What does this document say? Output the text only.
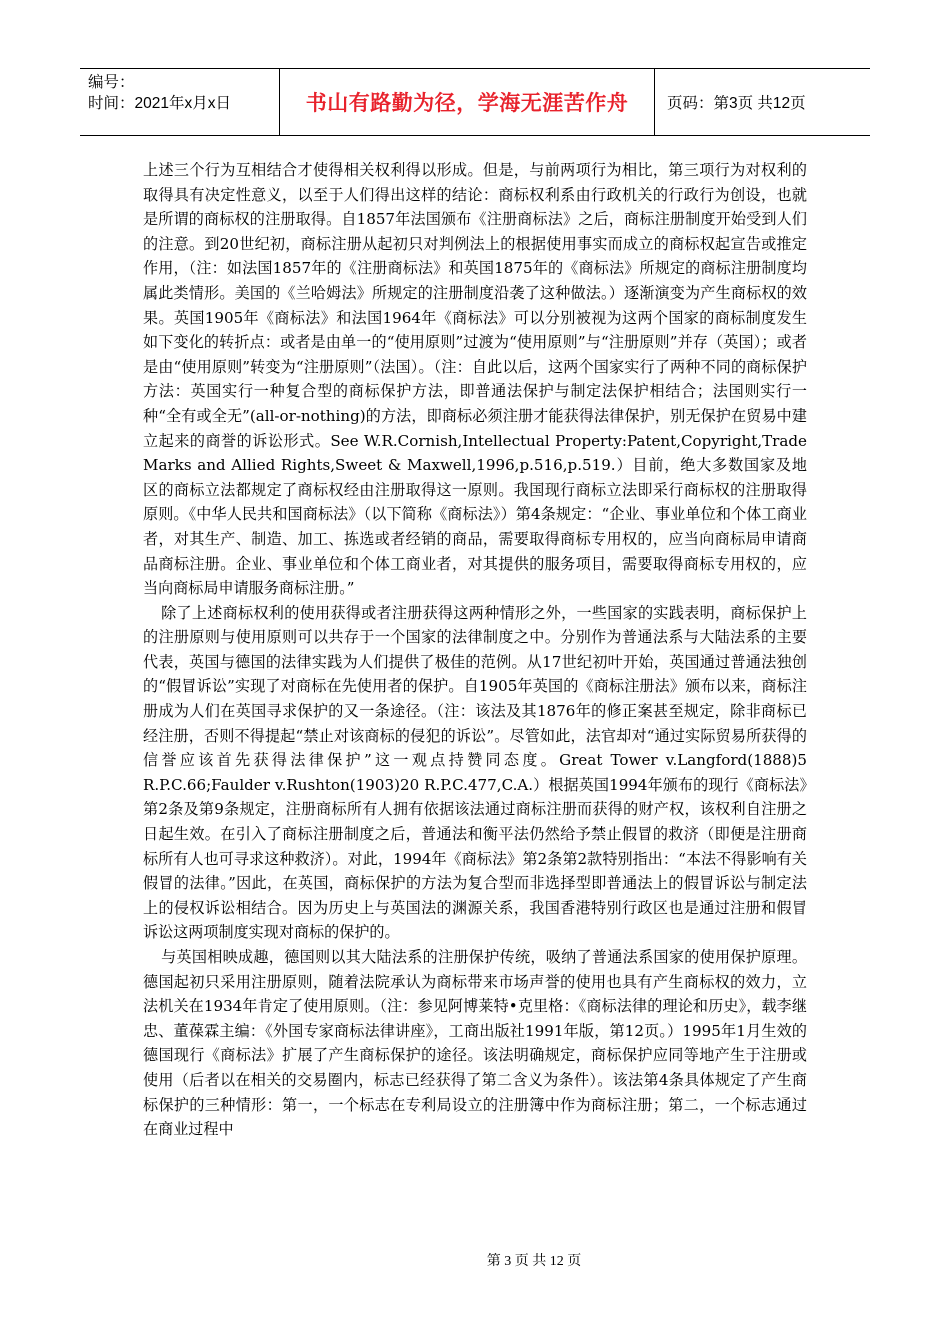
编号：
时间：2021年x月x日	书山有路勤为径，学海无涯苦作舟	页码：第3页 共12页

上述三个行为互相结合才使得相关权利得以形成。但是，与前两项行为相比，第三项行为对权利的取得具有决定性意义，以至于人们得出这样的结论：商标权利系由行政机关的行政行为创设，也就是所谓的商标权的注册取得。自1857年法国颁布《注册商标法》之后，商标注册制度开始受到人们的注意。到20世纪初，商标注册从起初只对判例法上的根据使用事实而成立的商标权起宣告或推定作用，（注：如法国1857年的《注册商标法》和英国1875年的《商标法》所规定的商标注册制度均属此类情形。美国的《兰哈姆法》所规定的注册制度沿袭了这种做法。）逐渐演变为产生商标权的效果。英国1905年《商标法》和法国1964年《商标法》可以分别被视为这两个国家的商标制度发生如下变化的转折点：或者是由单一的“使用原则”过渡为“使用原则”与“注册原则”并存（英国）；或者是由“使用原则”转变为“注册原则”（法国）。（注：自此以后，这两个国家实行了两种不同的商标保护方法：英国实行一种复合型的商标保护方法，即普通法保护与制定法保护相结合；法国则实行一种“全有或全无”(all-or-nothing)的方法，即商标必须注册才能获得法律保护，别无保护在贸易中建立起来的商誉的诉讼形式。See W.R.Cornish,Intellectual Property:Patent,Copyright,Trade Marks and Allied Rights,Sweet & Maxwell,1996,p.516,p.519.）目前，绝大多数国家及地区的商标立法都规定了商标权经由注册取得这一原则。我国现行商标立法即采行商标权的注册取得原则。《中华人民共和国商标法》（以下简称《商标法》）第4条规定：“企业、事业单位和个体工商业者，对其生产、制造、加工、拣选或者经销的商品，需要取得商标专用权的，应当向商标局申请商品商标注册。企业、事业单位和个体工商业者，对其提供的服务项目，需要取得商标专用权的，应当向商标局申请服务商标注册。”

除了上述商标权利的使用获得或者注册获得这两种情形之外，一些国家的实践表明，商标保护上的注册原则与使用原则可以共存于一个国家的法律制度之中。分别作为普通法系与大陆法系的主要代表，英国与德国的法律实践为人们提供了极佳的范例。从17世纪初叶开始，英国通过普通法独创的“假冒诉讼”实现了对商标在先使用者的保护。自1905年英国的《商标注册法》颁布以来，商标注册成为人们在英国寻求保护的又一条途径。（注：该法及其1876年的修正案甚至规定，除非商标已经注册，否则不得提起“禁止对该商标的侵犯的诉讼”。尽管如此，法官却对“通过实际贸易所获得的信誉应该首先获得法律保护”这一观点持赞同态度。Great Tower v.Langford(1888)5 R.P.C.66;Faulder v.Rushton(1903)20 R.P.C.477,C.A.）根据英国1994年颁布的现行《商标法》第2条及第9条规定，注册商标所有人拥有依据该法通过商标注册而获得的财产权，该权利自注册之日起生效。在引入了商标注册制度之后，普通法和衡平法仍然给予禁止假冒的救济（即便是注册商标所有人也可寻求这种救济）。对此，1994年《商标法》第2条第2款特别指出：“本法不得影响有关假冒的法律。”因此，在英国，商标保护的方法为复合型而非选择型即普通法上的假冒诉讼与制定法上的侵权诉讼相结合。因为历史上与英国法的渊源关系，我国香港特别行政区也是通过注册和假冒诉讼这两项制度实现对商标的保护的。

与英国相映成趣，德国则以其大陆法系的注册保护传统，吸纳了普通法系国家的使用保护原理。德国起初只采用注册原则，随着法院承认为商标带来市场声誉的使用也具有产生商标权的效力，立法机关在1934年肯定了使用原则。（注：参见阿博莱特•克里格：《商标法律的理论和历史》，载李继忠、董葆霖主编：《外国专家商标法律讲座》，工商出版社1991年版，第12页。）1995年1月生效的德国现行《商标法》扩展了产生商标保护的途径。该法明确规定，商标保护应同等地产生于注册或使用（后者以在相关的交易圈内，标志已经获得了第二含义为条件）。该法第4条具体规定了产生商标保护的三种情形：第一，一个标志在专利局设立的注册簿中作为商标注册；第二，一个标志通过在商业过程中

第 3 页 共 12 页
